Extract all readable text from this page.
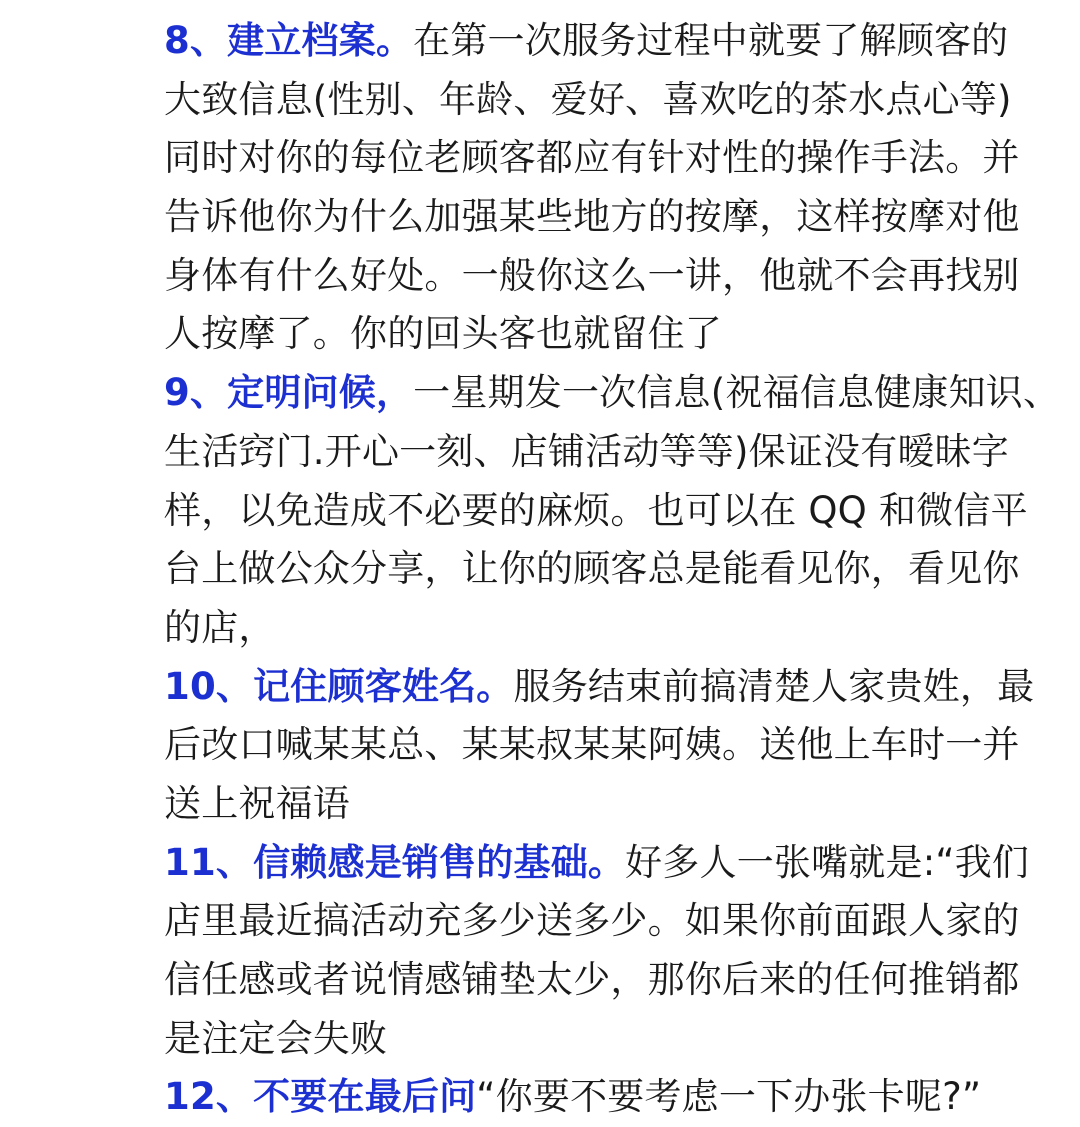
8、建立档案。在第一次服务过程中就要了解顾客的
大致信息(性别、年龄、爱好、喜欢吃的茶水点心等)
同时对你的每位老顾客都应有针对性的操作手法。并
告诉他你为什么加强某些地方的按摩，这样按摩对他
身体有什么好处。一般你这么一讲，他就不会再找别
人按摩了。你的回头客也就留住了
9、定明问候，一星期发一次信息(祝福信息健康知识、
生活窍门.开心一刻、店铺活动等等)保证没有暧昧字
样，以免造成不必要的麻烦。也可以在 QQ 和微信平
台上做公众分享，让你的顾客总是能看见你，看见你
的店，
10、记住顾客姓名。服务结束前搞清楚人家贵姓，最
后改口喊某某总、某某叔某某阿姨。送他上车时一并
送上祝福语
11、信赖感是销售的基础。好多人一张嘴就是:“我们
店里最近搞活动充多少送多少。如果你前面跟人家的
信任感或者说情感铺垫太少，那你后来的任何推销都
是注定会失败
12、不要在最后问“你要不要考虑一下办张卡呢?”
